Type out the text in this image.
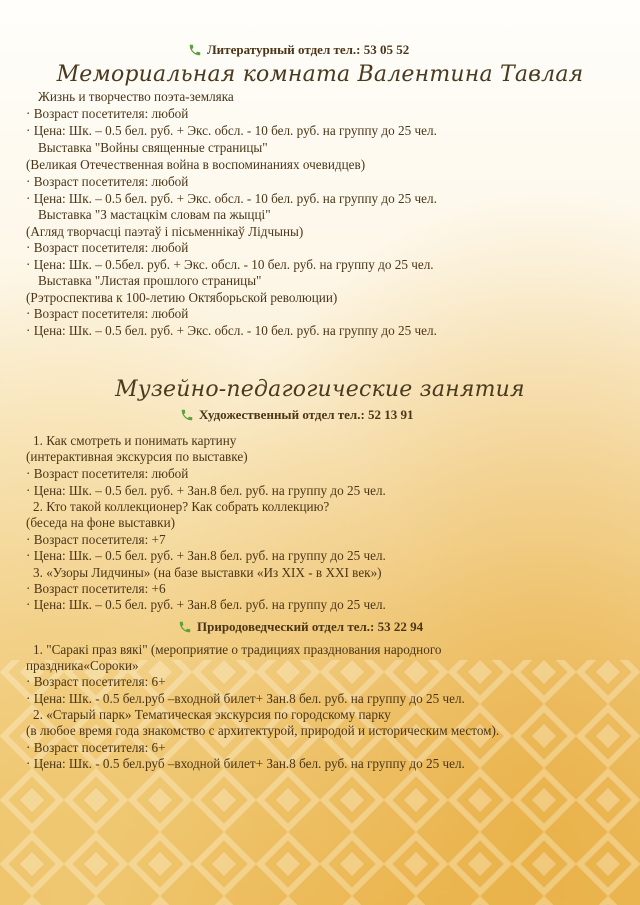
Литературный отдел тел.: 53 05 52
Мемориальная комната Валентина Тавлая
Жизнь и творчество поэта-земляка
· Возраст посетителя: любой
· Цена: Шк. – 0.5 бел. руб. + Экс. обсл. - 10 бел. руб. на группу до 25 чел.
Выставка "Войны священные страницы"
(Великая Отечественная война в воспоминаниях очевидцев)
· Возраст посетителя: любой
· Цена: Шк. – 0.5 бел. руб. + Экс. обсл. - 10 бел. руб. на группу до 25 чел.
Выставка "З мастацкім словам па жыцці"
(Агляд творчасці паэтаў і пісьменнікаў Лідчыны)
· Возраст посетителя: любой
· Цена: Шк. – 0.5бел. руб. + Экс. обсл. - 10 бел. руб. на группу до 25 чел.
Выставка "Листая прошлого страницы"
(Рэтроспектива к 100-летию Октяборьской революции)
· Возраст посетителя: любой
· Цена: Шк. – 0.5 бел. руб. + Экс. обсл. - 10 бел. руб. на группу до 25 чел.
Музейно-педагогические занятия
Художественный отдел тел.: 52 13 91
1. Как смотреть и понимать картину
(интерактивная экскурсия по выставке)
· Возраст посетителя: любой
· Цена: Шк. – 0.5 бел. руб. + Зан.8 бел. руб. на группу до 25 чел.
2. Кто такой коллекционер? Как собрать коллекцию?
(беседа на фоне выставки)
· Возраст посетителя: +7
· Цена: Шк. – 0.5 бел. руб. + Зан.8 бел. руб. на группу до 25 чел.
3. «Узоры Лидчины» (на базе выставки «Из XIX - в XXI век»)
· Возраст посетителя: +6
· Цена: Шк. – 0.5 бел. руб. + Зан.8 бел. руб. на группу до 25 чел.
Природоведческий отдел тел.: 53 22 94
1. "Саракі праз вякі" (мероприятие о традициях празднования народного
праздника«Сороки»
· Возраст посетителя: 6+
· Цена: Шк. - 0.5 бел.руб –входной билет+ Зан.8 бел. руб. на группу до 25 чел.
2. «Старый парк» Тематическая экскурсия по городскому парку
(в любое время года знакомство с архитектурой, природой и историческим местом).
· Возраст посетителя: 6+
· Цена: Шк. - 0.5 бел.руб –входной билет+ Зан.8 бел. руб. на группу до 25 чел.
